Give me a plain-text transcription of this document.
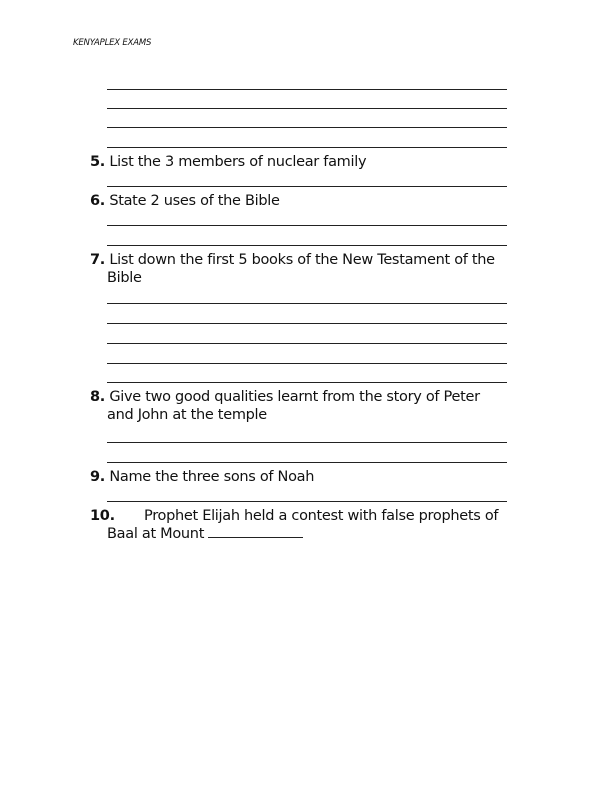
KENYAPLEX EXAMS
5. List the 3 members of nuclear family
6. State 2 uses of the Bible
7. List down the first 5 books of the New Testament of the
Bible
8. Give two good qualities learnt from the story of Peter
and John at the temple
9. Name the three sons of Noah
10. Prophet Elijah held a contest with false prophets of
Baal at Mount
